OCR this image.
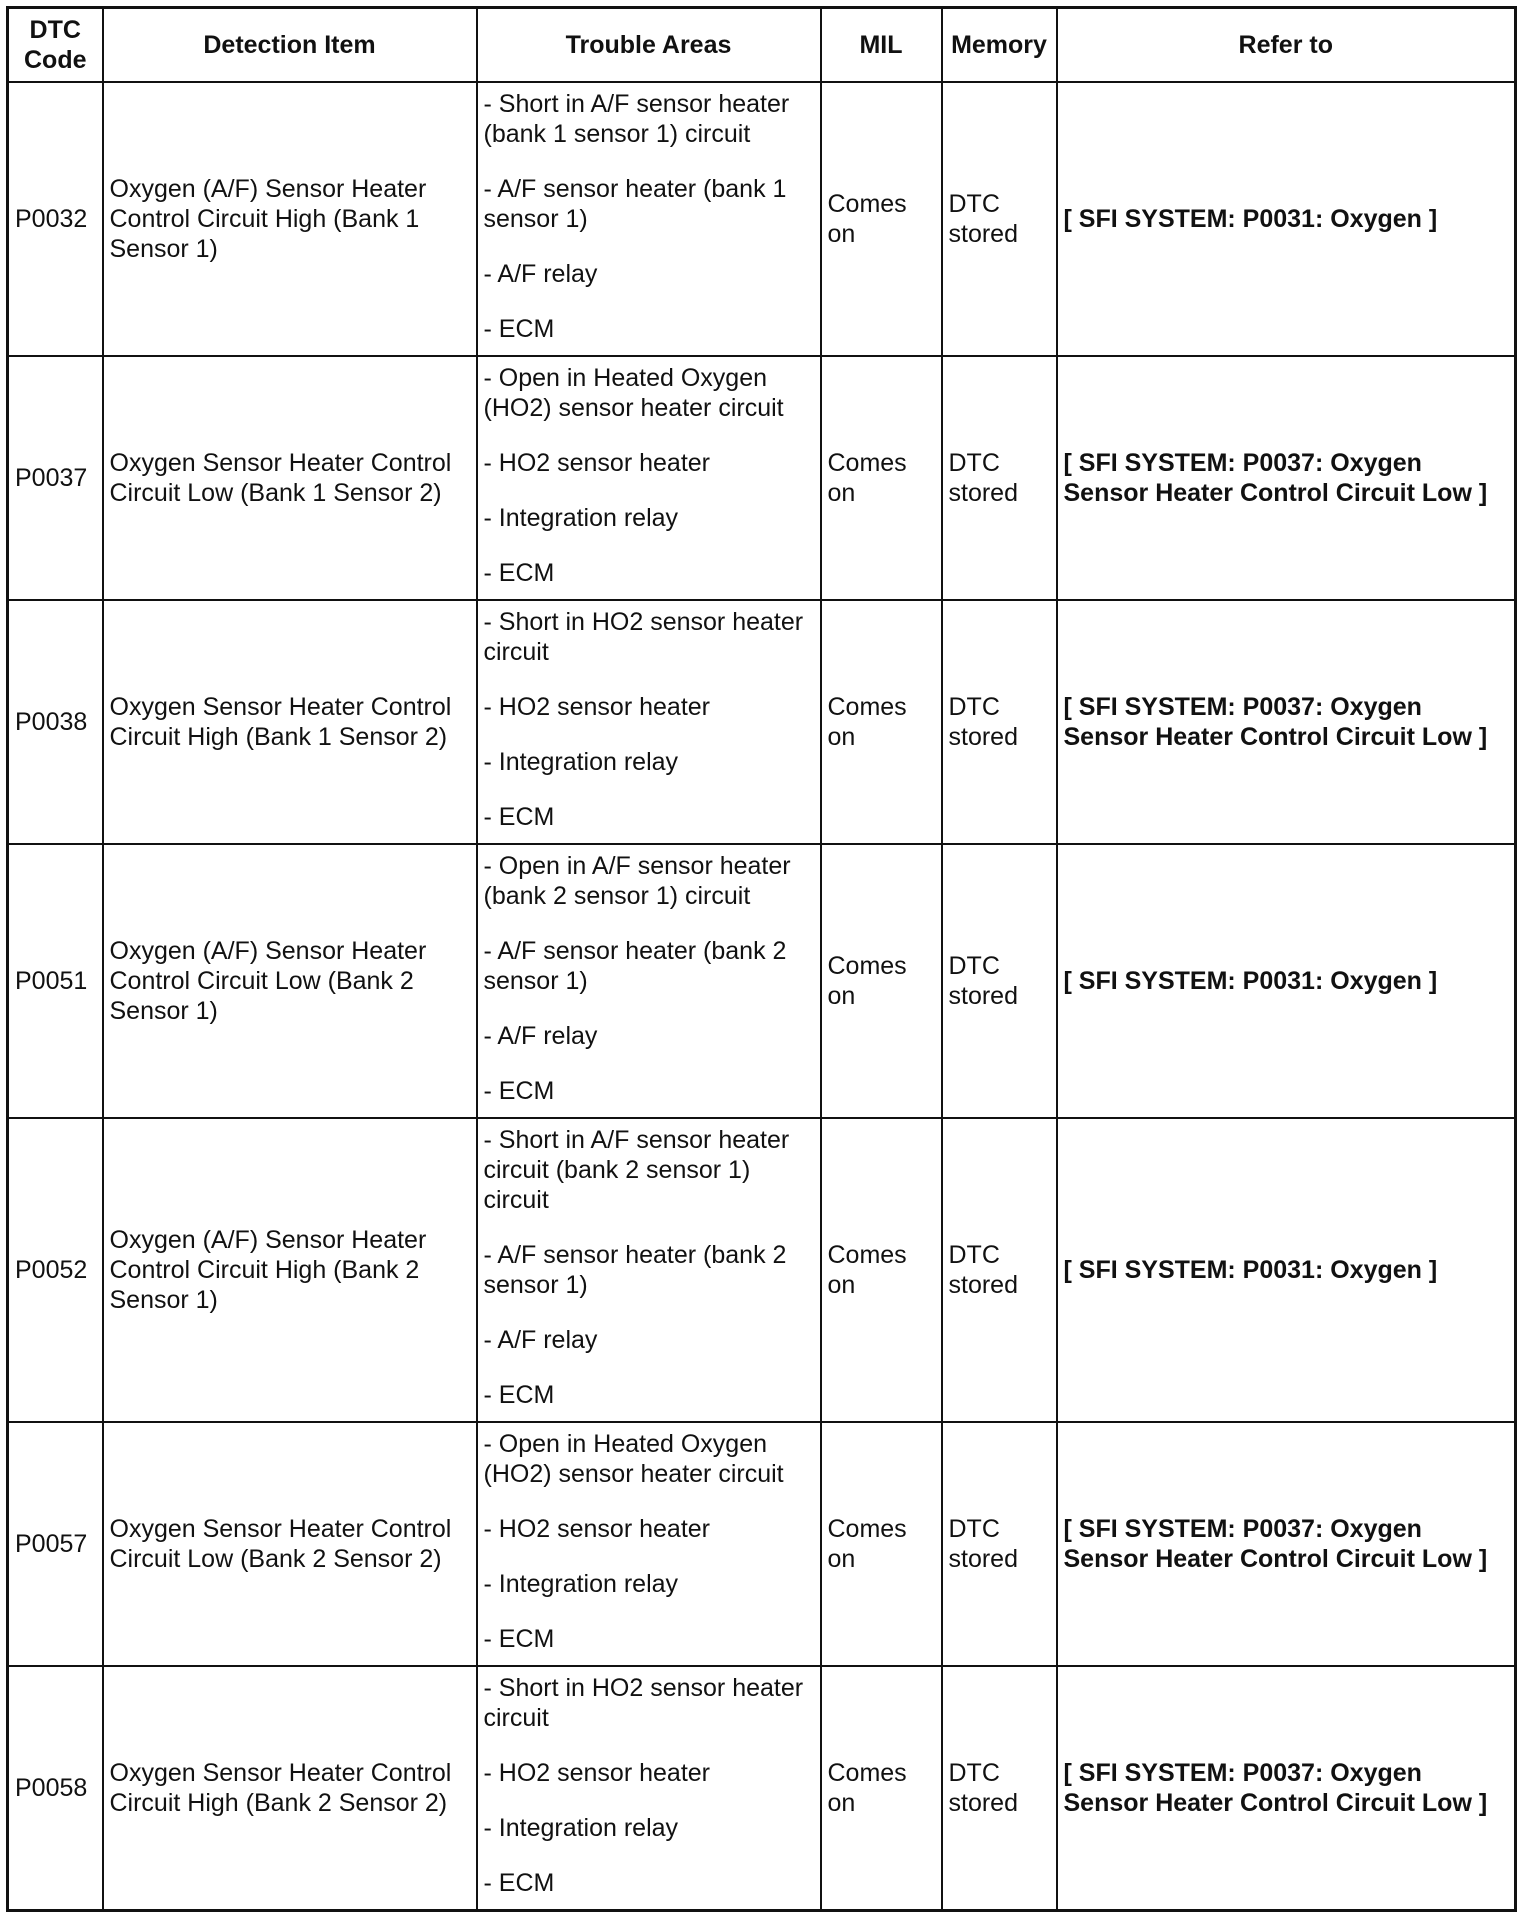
DTC Code	Detection Item	Trouble Areas	MIL	Memory	Refer to
P0032	Oxygen (A/F) Sensor Heater Control Circuit High (Bank 1 Sensor 1)	- Short in A/F sensor heater (bank 1 sensor 1) circuit
- A/F sensor heater (bank 1 sensor 1)
- A/F relay
- ECM	Comes on	DTC stored	[ SFI SYSTEM: P0031: Oxygen ]
P0037	Oxygen Sensor Heater Control Circuit Low (Bank 1 Sensor 2)	- Open in Heated Oxygen (HO2) sensor heater circuit
- HO2 sensor heater
- Integration relay
- ECM	Comes on	DTC stored	[ SFI SYSTEM: P0037: Oxygen Sensor Heater Control Circuit Low ]
P0038	Oxygen Sensor Heater Control Circuit High (Bank 1 Sensor 2)	- Short in HO2 sensor heater circuit
- HO2 sensor heater
- Integration relay
- ECM	Comes on	DTC stored	[ SFI SYSTEM: P0037: Oxygen Sensor Heater Control Circuit Low ]
P0051	Oxygen (A/F) Sensor Heater Control Circuit Low (Bank 2 Sensor 1)	- Open in A/F sensor heater (bank 2 sensor 1) circuit
- A/F sensor heater (bank 2 sensor 1)
- A/F relay
- ECM	Comes on	DTC stored	[ SFI SYSTEM: P0031: Oxygen ]
P0052	Oxygen (A/F) Sensor Heater Control Circuit High (Bank 2 Sensor 1)	- Short in A/F sensor heater circuit (bank 2 sensor 1) circuit
- A/F sensor heater (bank 2 sensor 1)
- A/F relay
- ECM	Comes on	DTC stored	[ SFI SYSTEM: P0031: Oxygen ]
P0057	Oxygen Sensor Heater Control Circuit Low (Bank 2 Sensor 2)	- Open in Heated Oxygen (HO2) sensor heater circuit
- HO2 sensor heater
- Integration relay
- ECM	Comes on	DTC stored	[ SFI SYSTEM: P0037: Oxygen Sensor Heater Control Circuit Low ]
P0058	Oxygen Sensor Heater Control Circuit High (Bank 2 Sensor 2)	- Short in HO2 sensor heater circuit
- HO2 sensor heater
- Integration relay
- ECM	Comes on	DTC stored	[ SFI SYSTEM: P0037: Oxygen Sensor Heater Control Circuit Low ]
